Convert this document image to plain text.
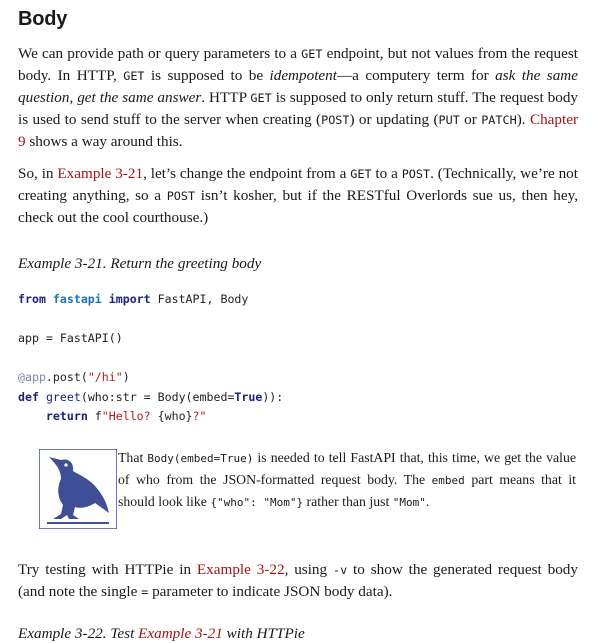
Body

We can provide path or query parameters to a GET endpoint, but not values from the request body. In HTTP, GET is supposed to be idempotent—a computery term for ask the same question, get the same answer. HTTP GET is supposed to only return stuff. The request body is used to send stuff to the server when creating (POST) or updating (PUT or PATCH). Chapter 9 shows a way around this.

So, in Example 3-21, let’s change the endpoint from a GET to a POST. (Technically, we’re not creating anything, so a POST isn’t kosher, but if the RESTful Overlords sue us, then hey, check out the cool courthouse.)

Example 3-21. Return the greeting body
from fastapi import FastAPI, Body

app = FastAPI()

@app.post("/hi")
def greet(who:str = Body(embed=True)):
return f"Hello? {who}?"
That Body(embed=True) is needed to tell FastAPI that, this time, we get the value of who from the JSON-formatted request body. The embed part means that it should look like {"who": "Mom"} rather than just "Mom".

Try testing with HTTPie in Example 3-22, using -v to show the generated request body (and note the single = parameter to indicate JSON body data).

Example 3-22. Test Example 3-21 with HTTPie
